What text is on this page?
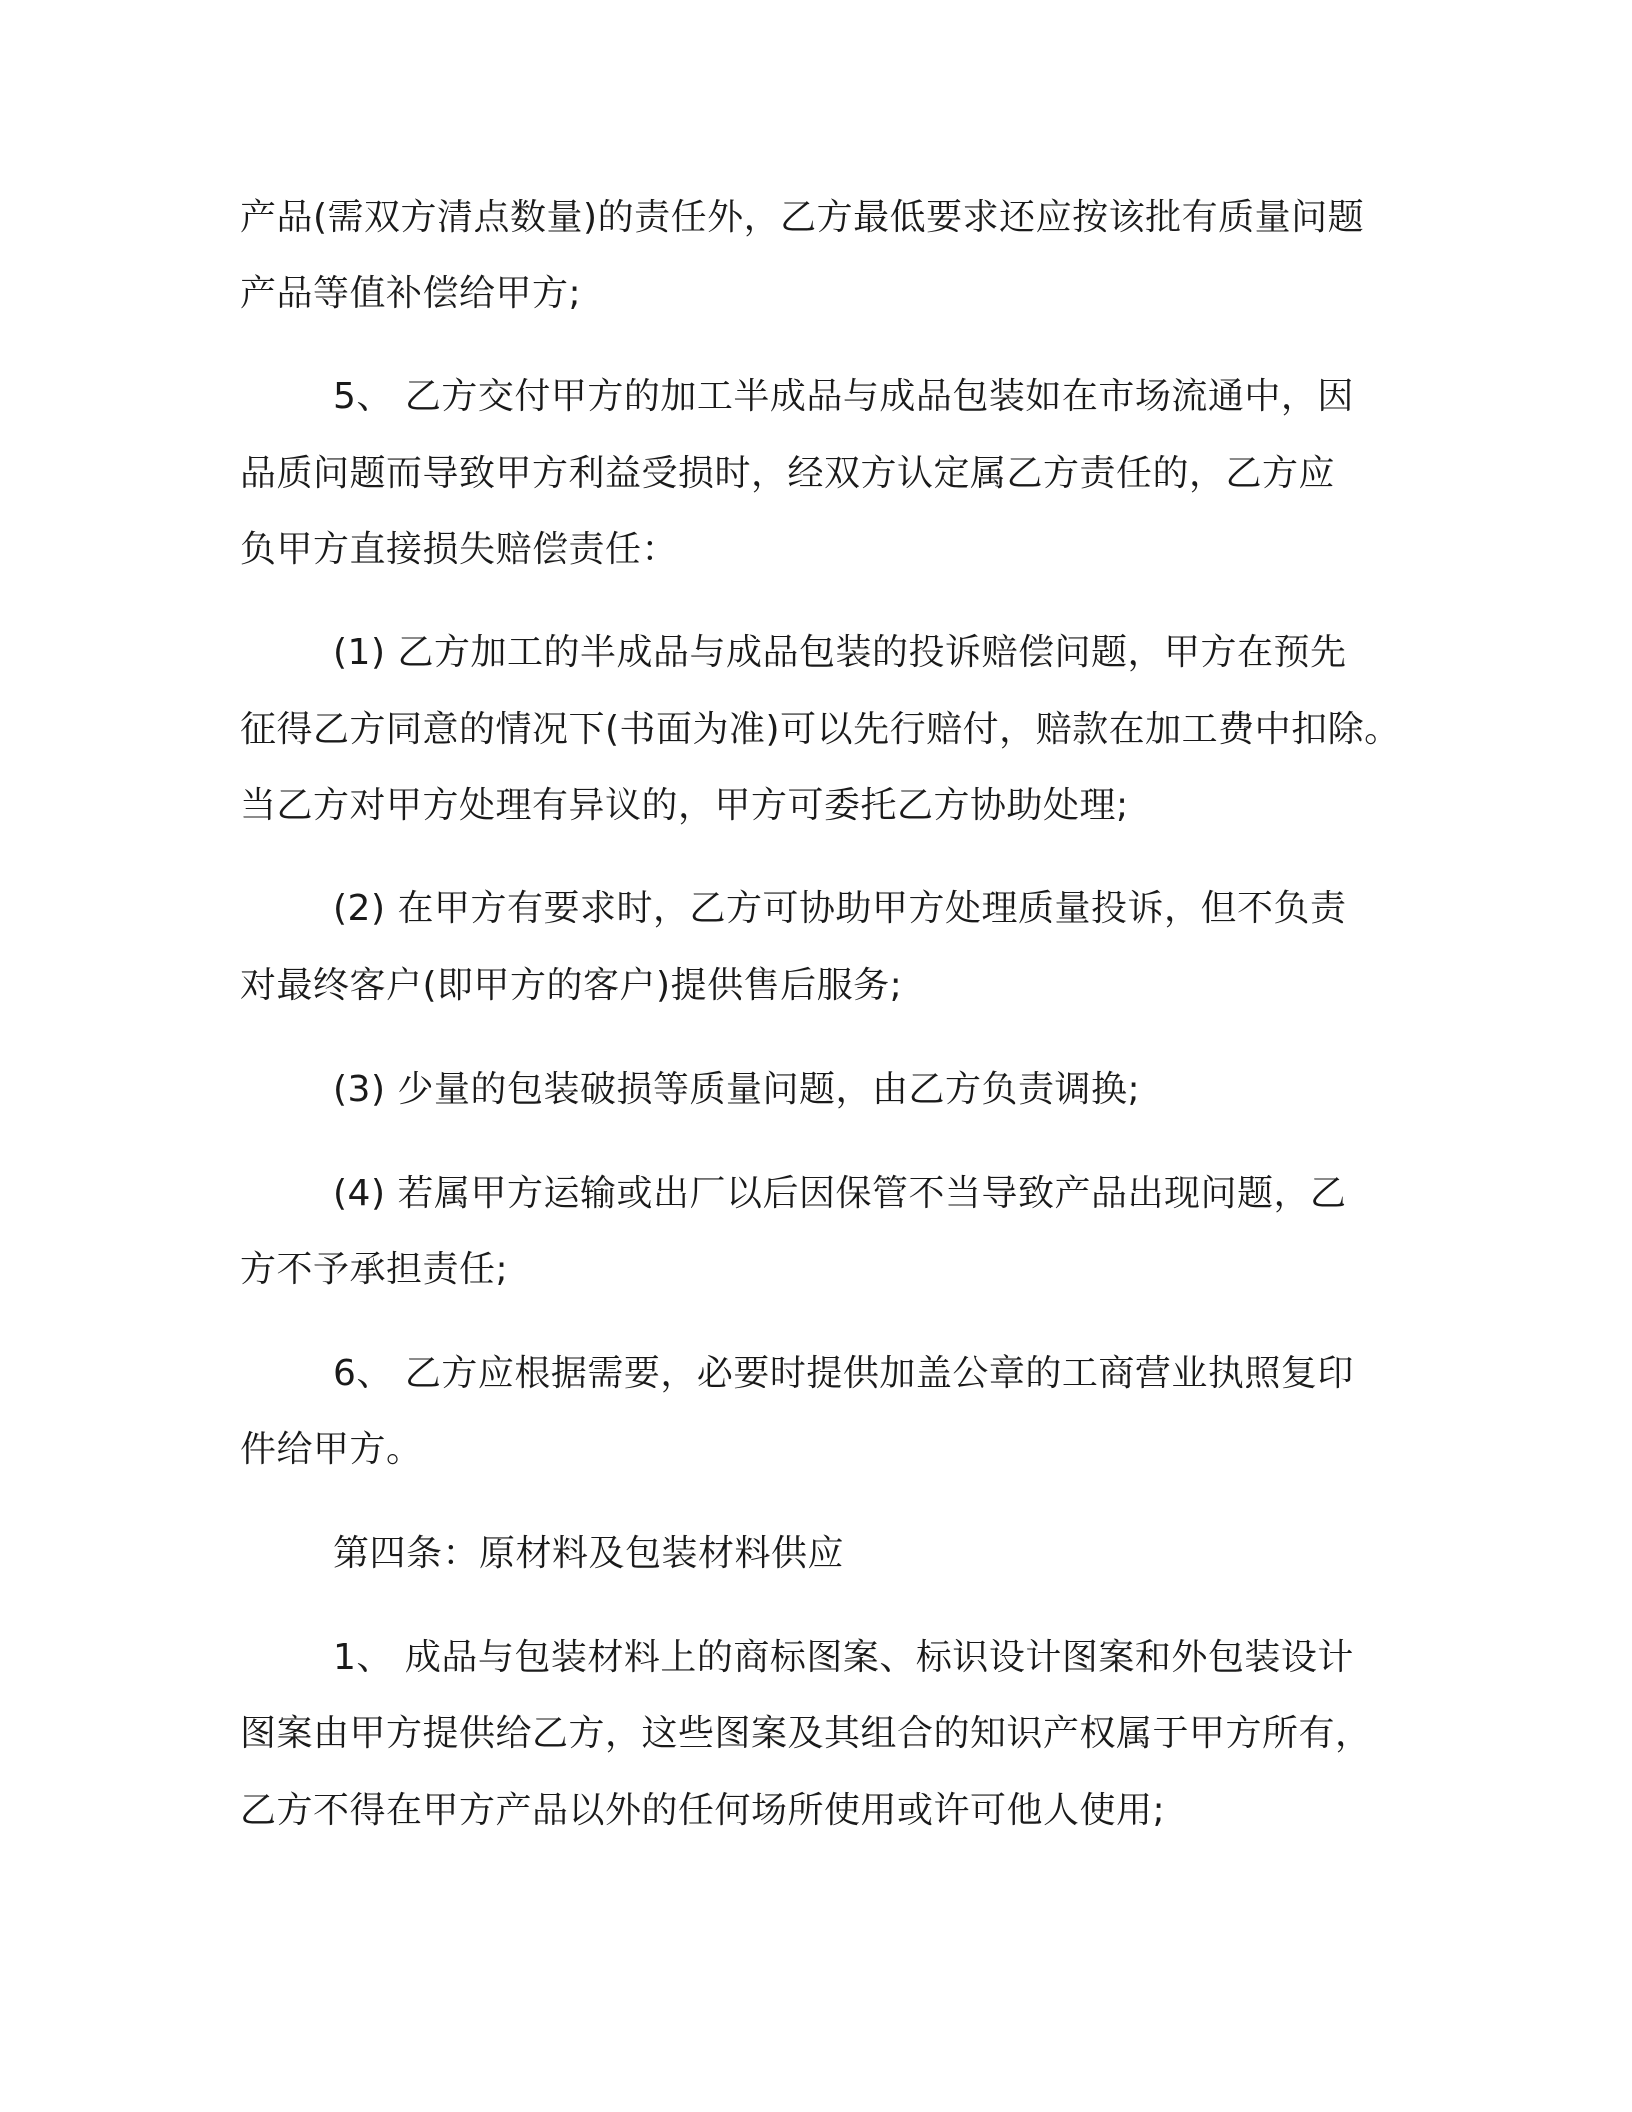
产品(需双方清点数量)的责任外，乙方最低要求还应按该批有质量问题
产品等值补偿给甲方;
5、 乙方交付甲方的加工半成品与成品包装如在市场流通中，因
品质问题而导致甲方利益受损时，经双方认定属乙方责任的，乙方应
负甲方直接损失赔偿责任：
(1) 乙方加工的半成品与成品包装的投诉赔偿问题，甲方在预先
征得乙方同意的情况下(书面为准)可以先行赔付，赔款在加工费中扣除。
当乙方对甲方处理有异议的，甲方可委托乙方协助处理;
(2) 在甲方有要求时，乙方可协助甲方处理质量投诉，但不负责
对最终客户(即甲方的客户)提供售后服务;
(3) 少量的包装破损等质量问题，由乙方负责调换;
(4) 若属甲方运输或出厂以后因保管不当导致产品出现问题，乙
方不予承担责任;
6、 乙方应根据需要，必要时提供加盖公章的工商营业执照复印
件给甲方。
第四条：原材料及包装材料供应
1、 成品与包装材料上的商标图案、标识设计图案和外包装设计
图案由甲方提供给乙方，这些图案及其组合的知识产权属于甲方所有，
乙方不得在甲方产品以外的任何场所使用或许可他人使用;
